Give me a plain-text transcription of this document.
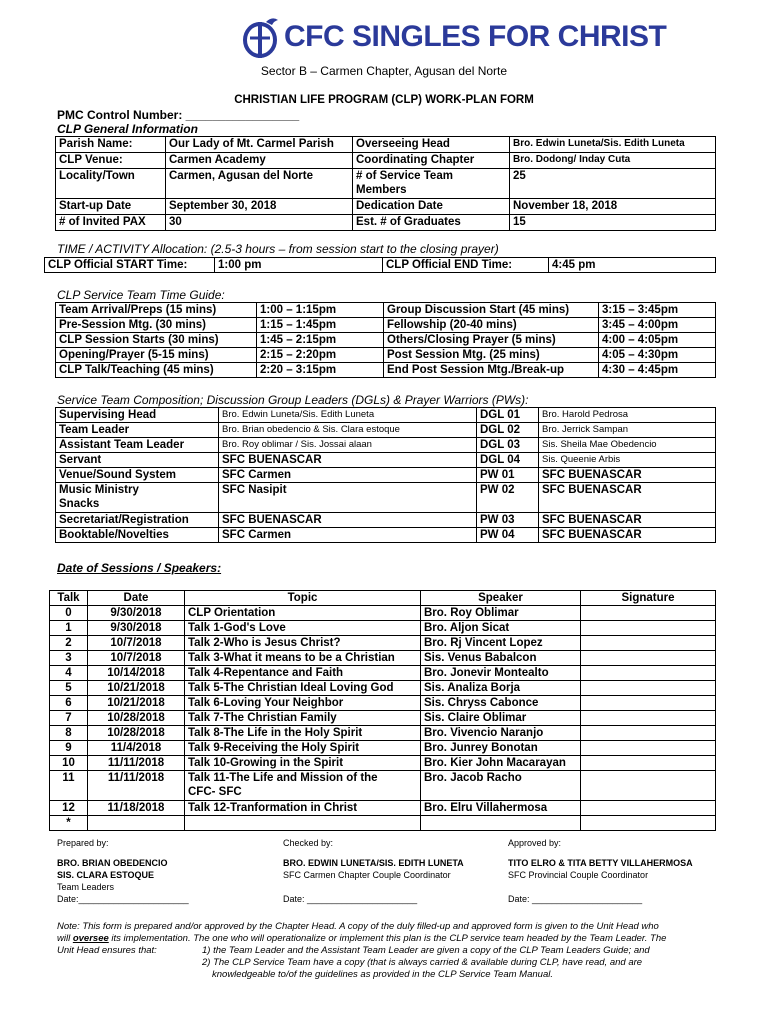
CFC SINGLES FOR CHRIST
Sector B – Carmen Chapter, Agusan del Norte
CHRISTIAN LIFE PROGRAM (CLP) WORK-PLAN FORM
PMC Control Number: _________________
CLP General Information
Parish Name:	Our Lady of Mt. Carmel Parish	Overseeing Head	Bro. Edwin Luneta/Sis. Edith Luneta
CLP Venue:	Carmen Academy	Coordinating Chapter	Bro. Dodong/ Inday Cuta
Locality/Town	Carmen, Agusan del Norte	# of Service Team Members	25
Start-up Date	September 30, 2018	Dedication Date	November 18, 2018
# of Invited PAX	30	Est. # of Graduates	15
TIME / ACTIVITY Allocation: (2.5-3 hours – from session start to the closing prayer)
CLP Official START Time:	1:00 pm	CLP Official END Time:	4:45 pm
CLP Service Team Time Guide:
Team Arrival/Preps (15 mins)	1:00 – 1:15pm	Group Discussion Start (45 mins)	3:15 – 3:45pm
Pre-Session Mtg. (30 mins)	1:15 – 1:45pm	Fellowship (20-40 mins)	3:45 – 4:00pm
CLP Session Starts (30 mins)	1:45 – 2:15pm	Others/Closing Prayer (5 mins)	4:00 – 4:05pm
Opening/Prayer (5-15 mins)	2:15 – 2:20pm	Post Session Mtg. (25 mins)	4:05 – 4:30pm
CLP Talk/Teaching (45 mins)	2:20 – 3:15pm	End Post Session Mtg./Break-up	4:30 – 4:45pm
Service Team Composition; Discussion Group Leaders (DGLs) & Prayer Warriors (PWs):
Supervising Head	Bro. Edwin Luneta/Sis. Edith Luneta	DGL 01	Bro. Harold Pedrosa
Team Leader	Bro. Brian obedencio & Sis. Clara estoque	DGL 02	Bro. Jerrick Sampan
Assistant Team Leader	Bro. Roy oblimar / Sis. Jossai alaan	DGL 03	Sis. Sheila Mae Obedencio
Servant	SFC BUENASCAR	DGL 04	Sis. Queenie Arbis
Venue/Sound System	SFC Carmen	PW 01	SFC BUENASCAR

Music Ministry
Snacks	SFC Nasipit	PW 02	SFC BUENASCAR
Secretariat/Registration	SFC BUENASCAR	PW 03	SFC BUENASCAR
Booktable/Novelties	SFC Carmen	PW 04	SFC BUENASCAR
Date of Sessions / Speakers:
Talk	Date	Topic	Speaker	Signature
0	9/30/2018	CLP Orientation	Bro. Roy Oblimar	
1	9/30/2018	Talk 1-God's Love	Bro. Aljon Sicat	
2	10/7/2018	Talk 2-Who is Jesus Christ?	Bro. Rj Vincent Lopez	
3	10/7/2018	Talk 3-What it means to be a Christian	Sis. Venus Babalcon	
4	10/14/2018	Talk 4-Repentance and Faith	Bro. Jonevir Montealto	
5	10/21/2018	Talk 5-The Christian Ideal Loving God	Sis. Analiza Borja	
6	10/21/2018	Talk 6-Loving Your Neighbor	Sis. Chryss Cabonce	
7	10/28/2018	Talk 7-The Christian Family	Sis. Claire Oblimar	
8	10/28/2018	Talk 8-The Life in the Holy Spirit	Bro. Vivencio Naranjo	
9	11/4/2018	Talk 9-Receiving the Holy Spirit	Bro. Junrey Bonotan	
10	11/11/2018	Talk 10-Growing in the Spirit	Bro. Kier John Macarayan	
11	11/11/2018	Talk 11-The Life and Mission of the
CFC- SFC	Bro. Jacob Racho	
12	11/18/2018	Talk 12-Tranformation in Christ	Bro. Elru Villahermosa	
*				
Prepared by:
BRO. BRIAN OBEDENCIO
SIS. CLARA ESTOQUE
Team Leaders
Date:______________________
Checked by:
BRO. EDWIN LUNETA/SIS. EDITH LUNETA
SFC Carmen Chapter Couple Coordinator
Date: ______________________
Approved by:
TITO ELRO & TITA BETTY VILLAHERMOSA
SFC Provincial Couple Coordinator
Date: ______________________
Note: This form is prepared and/or approved by the Chapter Head. A copy of the duly filled-up and approved form is given to the Unit Head who
will oversee its implementation. The one who will operationalize or implement this plan is the CLP service team headed by the Team Leader. The
Unit Head ensures that:	1) the Team Leader and the Assistant Team Leader are given a copy of the CLP Team Leaders Guide; and
2) The CLP Service Team have a copy (that is always carried & available during CLP, have read, and are
knowledgeable to/of the guidelines as provided in the CLP Service Team Manual.
